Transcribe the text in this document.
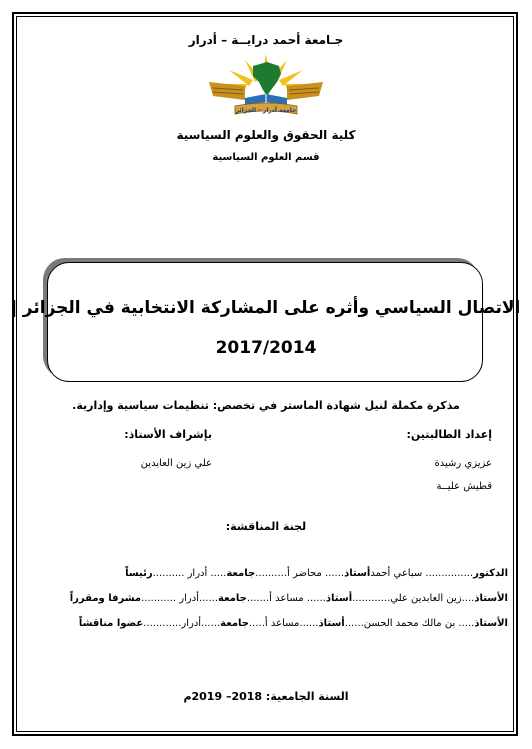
جـامعة أحمد درايــة – أدرار
جامعة أدرار - الجزائر
كلية الحقوق والعلوم السياسية
قسم العلوم السياسية
الاتصال السياسي وأثره على المشاركة الانتخابية في الجزائر |
2017/2014
مذكرة مكملة لنيل شهادة الماستر في تخصص: تنظيمات سياسية وإدارية.
إعداد الطالبتين:
بإشراف الأستاذ:
عزيزي رشيدة
قطيش عليــة
علي زين العابدين
لجنة المناقشة:
الدكتور............... سباعي أحمدأستاذ...... محاضر أ..........جامعة..... أدرار ..........رئيساً
الأستاذ....زين العابدين علي............أستاذ...... مساعد أ.......جامعة......أدرار ...........مشرفا ومقرراً
الأستاذ..... بن مالك محمد الحسن......أستاذ......مساعد أ.....جامعة......أدرار............عضوا مناقشاً
السنة الجامعية: 2018– 2019م
